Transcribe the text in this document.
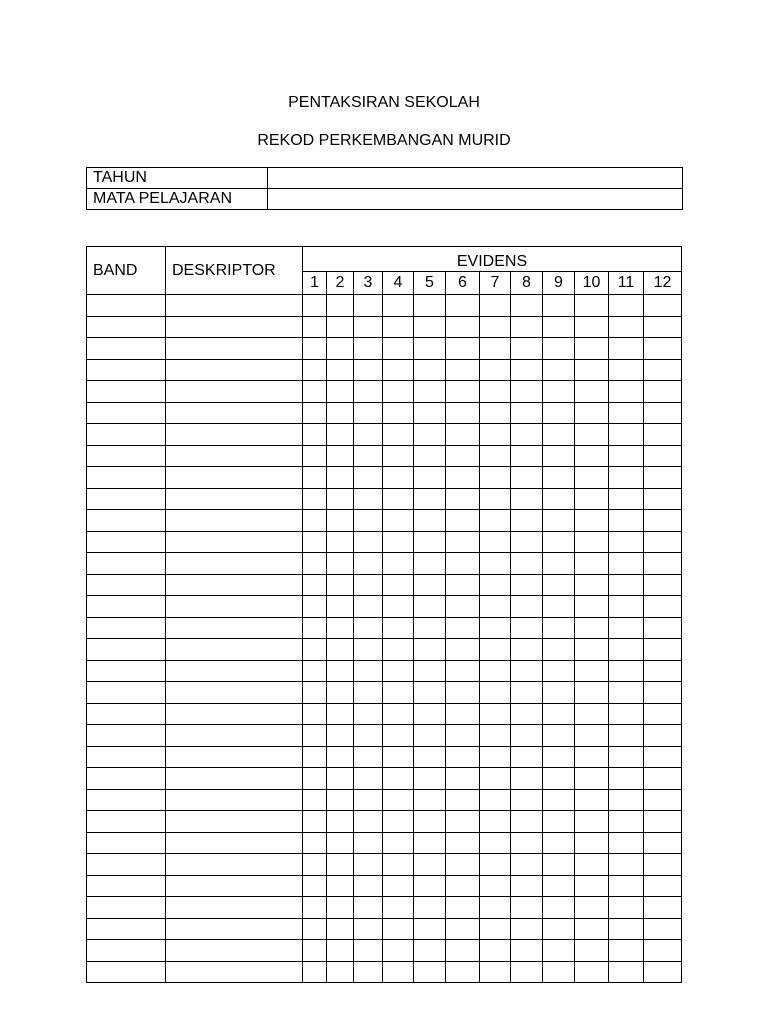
PENTAKSIRAN SEKOLAH
REKOD PERKEMBANGAN MURID
TAHUN	
MATA PELAJARAN	
BAND	DESKRIPTOR	EVIDENS											
		1	2	3	4	5	6	7	8	9	10	11	12
